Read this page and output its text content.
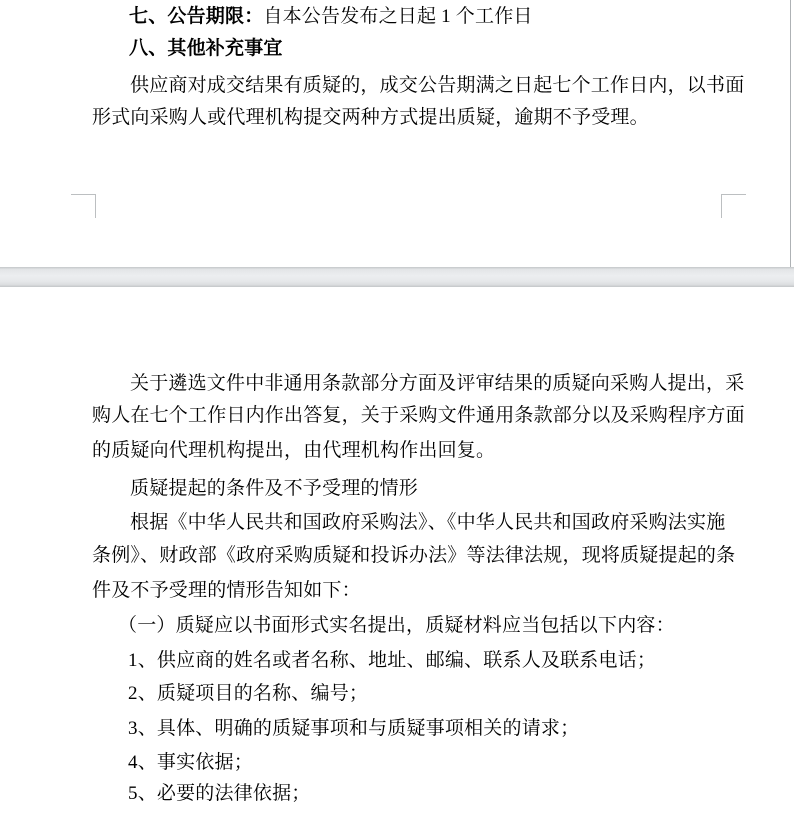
七、公告期限：自本公告发布之日起 1 个工作日
八、其他补充事宜
供应商对成交结果有质疑的，成交公告期满之日起七个工作日内，以书面
形式向采购人或代理机构提交两种方式提出质疑，逾期不予受理。
关于遴选文件中非通用条款部分方面及评审结果的质疑向采购人提出，采
购人在七个工作日内作出答复，关于采购文件通用条款部分以及采购程序方面
的质疑向代理机构提出，由代理机构作出回复。
质疑提起的条件及不予受理的情形
根据《中华人民共和国政府采购法》、《中华人民共和国政府采购法实施
条例》、财政部《政府采购质疑和投诉办法》等法律法规，现将质疑提起的条
件及不予受理的情形告知如下：
（一）质疑应以书面形式实名提出，质疑材料应当包括以下内容：
1、供应商的姓名或者名称、地址、邮编、联系人及联系电话；
2、质疑项目的名称、编号；
3、具体、明确的质疑事项和与质疑事项相关的请求；
4、事实依据；
5、必要的法律依据；
